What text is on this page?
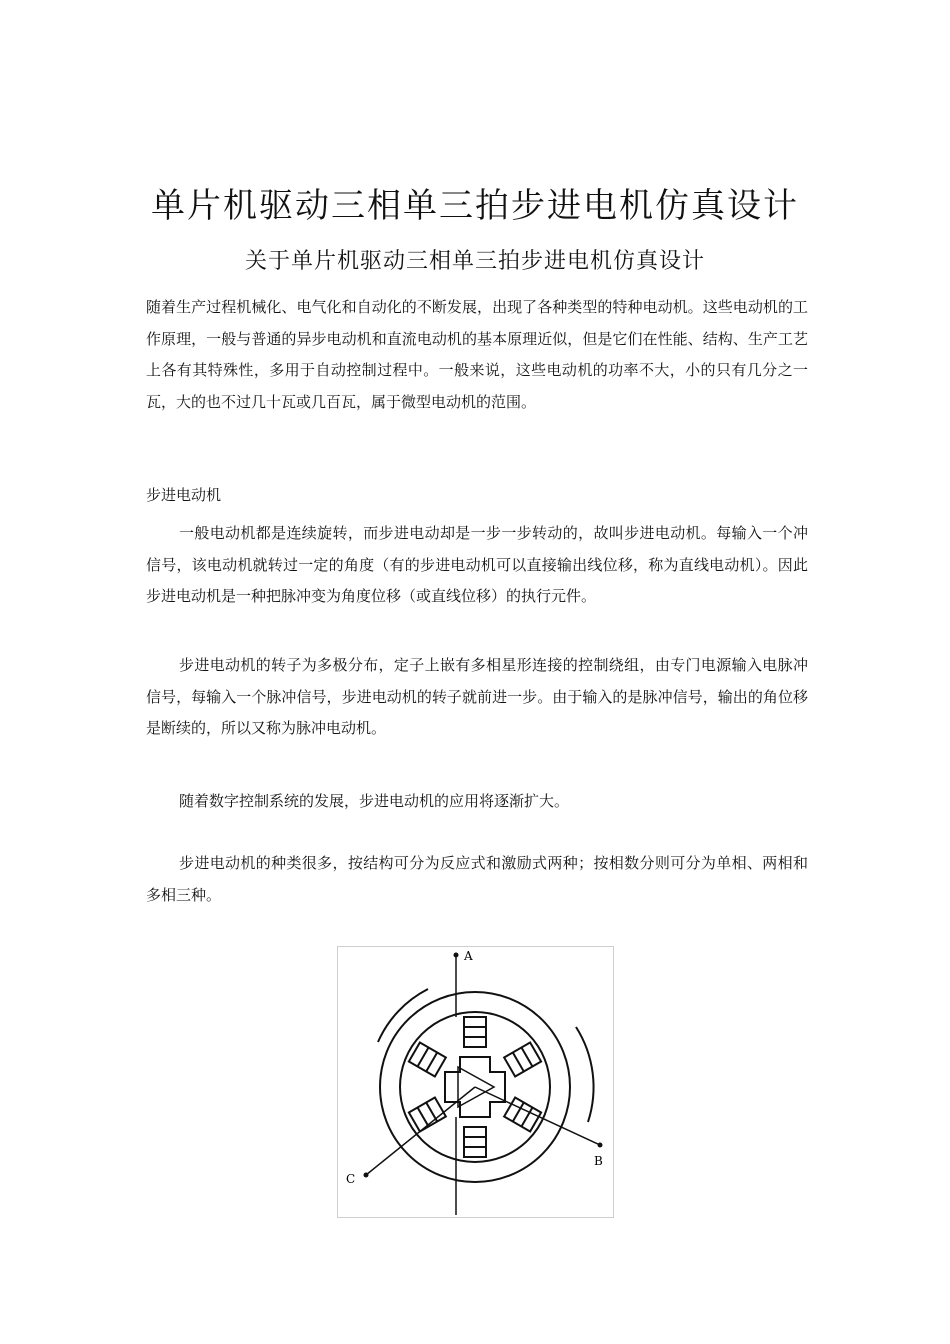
单片机驱动三相单三拍步进电机仿真设计
关于单片机驱动三相单三拍步进电机仿真设计

随着生产过程机械化、电气化和自动化的不断发展，出现了各种类型的特种电动机。这些电动机的工作原理，一般与普通的异步电动机和直流电动机的基本原理近似，但是它们在性能、结构、生产工艺上各有其特殊性，多用于自动控制过程中。一般来说，这些电动机的功率不大，小的只有几分之一瓦，大的也不过几十瓦或几百瓦，属于微型电动机的范围。

步进电动机

一般电动机都是连续旋转，而步进电动却是一步一步转动的，故叫步进电动机。每输入一个冲信号，该电动机就转过一定的角度（有的步进电动机可以直接输出线位移，称为直线电动机）。因此步进电动机是一种把脉冲变为角度位移（或直线位移）的执行元件。

步进电动机的转子为多极分布，定子上嵌有多相星形连接的控制绕组，由专门电源输入电脉冲信号，每输入一个脉冲信号，步进电动机的转子就前进一步。由于输入的是脉冲信号，输出的角位移是断续的，所以又称为脉冲电动机。

随着数字控制系统的发展，步进电动机的应用将逐渐扩大。

步进电动机的种类很多，按结构可分为反应式和激励式两种；按相数分则可分为单相、两相和多相三种。

A
B
C
